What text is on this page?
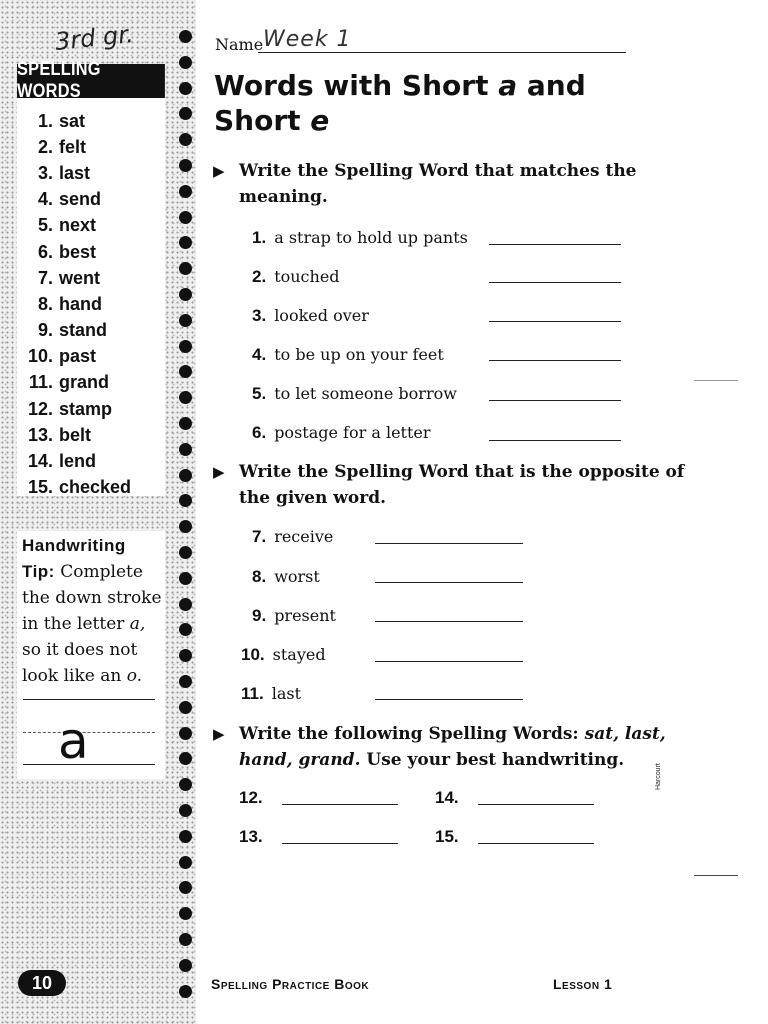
3rd gr.
SPELLING WORDS
1. sat
2. felt
3. last
4. send
5. next
6. best
7. went
8. hand
9. stand
10. past
11. grand
12. stamp
13. belt
14. lend
15. checked
Handwriting
Tip: Complete
the down stroke
in the letter a,
so it does not
look like an o.
a
10
Name Week 1
Words with Short a and
Short e
▶ Write the Spelling Word that matches the
meaning.
1. a strap to hold up pants
2. touched
3. looked over
4. to be up on your feet
5. to let someone borrow
6. postage for a letter
▶ Write the Spelling Word that is the opposite of
the given word.
7. receive
8. worst
9. present
10. stayed
11. last
▶ Write the following Spelling Words: sat, last,
hand, grand. Use your best handwriting.
12.
13.
14.
15.
Harcourt
Spelling Practice Book	Lesson 1
